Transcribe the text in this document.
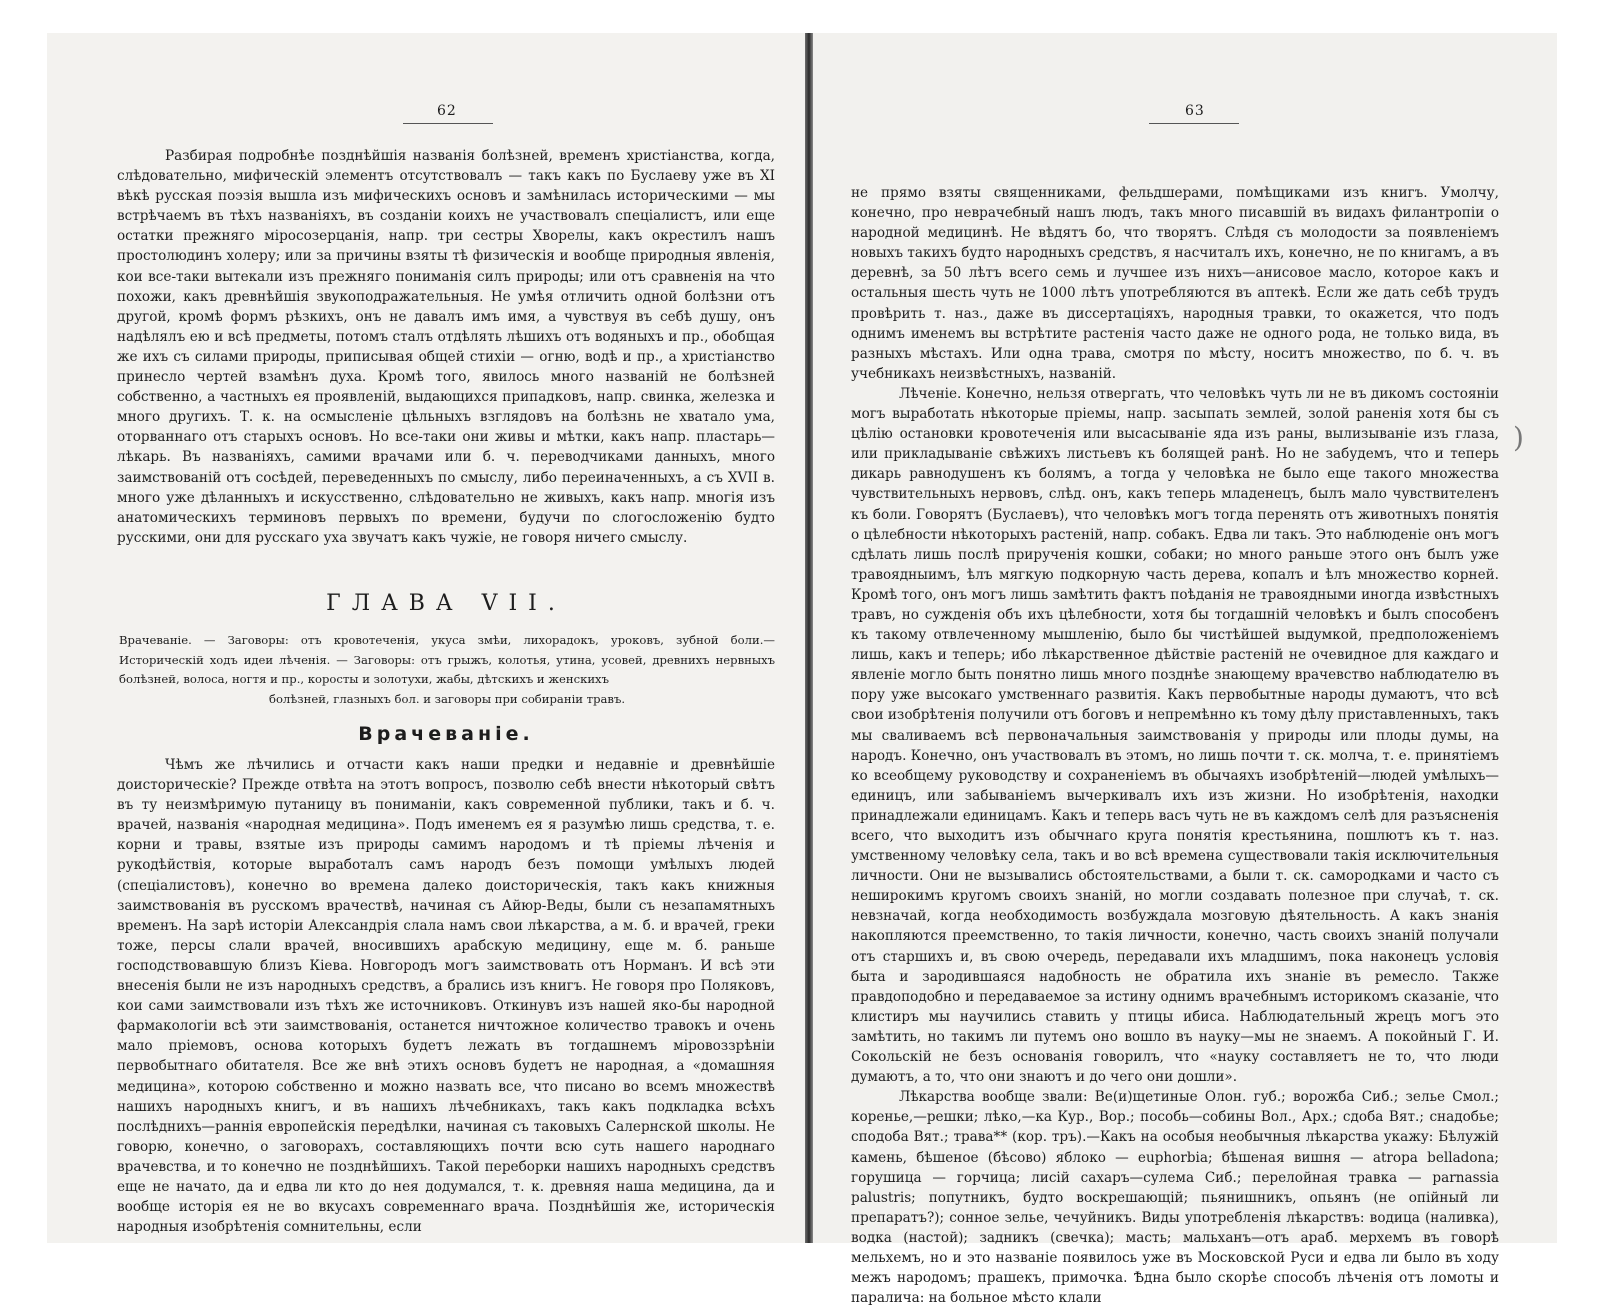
62

Разбирая подробнѣе позднѣйшія названія болѣзней, временъ христіанства, когда, слѣдовательно, мифическій элементъ отсутствовалъ — такъ какъ по Буслаеву уже въ XI вѣкѣ русская поэзія вышла изъ мифическихъ основъ и замѣнилась историческими — мы встрѣчаемъ въ тѣхъ названіяхъ, въ созданіи коихъ не участвовалъ спеціалистъ, или еще остатки прежняго міросозерцанія, напр. три сестры Хворелы, какъ окрестилъ нашъ простолюдинъ холеру; или за причины взяты тѣ физическія и вообще природныя явленія, кои все-таки вытекали изъ прежняго пониманія силъ природы; или отъ сравненія на что похожи, какъ древнѣйшія звукоподражательныя. Не умѣя отличить одной болѣзни отъ другой, кромѣ формъ рѣзкихъ, онъ не давалъ имъ имя, а чувствуя въ себѣ душу, онъ надѣлялъ ею и всѣ предметы, потомъ сталъ отдѣлять лѣшихъ отъ водяныхъ и пр., обобщая же ихъ съ силами природы, приписывая общей стихіи — огню, водѣ и пр., а христіанство принесло чертей взамѣнъ духа. Кромѣ того, явилось много названій не болѣзней собственно, а частныхъ ея проявленій, выдающихся припадковъ, напр. свинка, железка и много другихъ. Т. к. на осмысленіе цѣльныхъ взглядовъ на болѣзнь не хватало ума, оторваннаго отъ старыхъ основъ. Но все-таки они живы и мѣтки, какъ напр. пластарь—лѣкарь. Въ названіяхъ, самими врачами или б. ч. переводчиками данныхъ, много заимствованій отъ сосѣдей, переведенныхъ по смыслу, либо переиначенныхъ, а съ XVII в. много уже дѣланныхъ и искусственно, слѣдовательно не живыхъ, какъ напр. многія изъ анатомическихъ терминовъ первыхъ по времени, будучи по слогосложенію будто русскими, они для русскаго уха звучатъ какъ чужіе, не говоря ничего смыслу.

ГЛАВА VII.
Врачеваніе. — Заговоры: отъ кровотеченія, укуса змѣи, лихорадокъ, уроковъ, зубной боли.— Историческій ходъ идеи лѣченія. — Заговоры: отъ грыжъ, колотья, утина, усовей, древнихъ нервныхъ болѣзней, волоса, ногтя и пр., короcты и золотухи, жабы, дѣтскихъ и женскихъ
болѣзней, глазныхъ бол. и заговоры при собираніи травъ.
Врачеваніе.

Чѣмъ же лѣчились и отчасти какъ наши предки и недавніе и древнѣйшіе доисторическіе? Прежде отвѣта на этотъ вопросъ, позволю себѣ внести нѣкоторый свѣтъ въ ту неизмѣримую путаницу въ пониманіи, какъ современной публики, такъ и б. ч. врачей, названія «народная медицина». Подъ именемъ ея я разумѣю лишь средства, т. е. корни и травы, взятые изъ природы самимъ народомъ и тѣ пріемы лѣченія и рукодѣйствія, которые выработалъ самъ народъ безъ помощи умѣлыхъ людей (спеціалистовъ), конечно во времена далеко доисторическія, такъ какъ книжныя заимствованія въ русскомъ врачествѣ, начиная съ Айюр-Веды, были съ незапамятныхъ временъ. На зарѣ исторіи Александрія слала намъ свои лѣкарства, а м. б. и врачей, греки тоже, персы слали врачей, вносившихъ арабскую медицину, еще м. б. раньше господствовавшую близъ Кіева. Новгородъ могъ заимствовать отъ Норманъ. И всѣ эти внесенія были не изъ народныхъ средствъ, а брались изъ книгъ. Не говоря про Поляковъ, кои сами заимствовали изъ тѣхъ же источниковъ. Откинувъ изъ нашей яко-бы народной фармакологіи всѣ эти заимствованія, останется ничтожное количество травокъ и очень мало пріемовъ, основа которыхъ будетъ лежать въ тогдашнемъ міровоззрѣніи первобытнаго обитателя. Все же внѣ этихъ основъ будетъ не народная, а «домашняя медицина», которою собственно и можно назвать все, что писано во всемъ множествѣ нашихъ народныхъ книгъ, и въ нашихъ лѣчебникахъ, такъ какъ подкладка всѣхъ послѣднихъ—раннія европейскія передѣлки, начиная съ таковыхъ Салернской школы. Не говорю, конечно, о заговорахъ, составляющихъ почти всю суть нашего народнаго врачевства, и то конечно не позднѣйшихъ. Такой переборки нашихъ народныхъ средствъ еще не начато, да и едва ли кто до нея додумался, т. к. древняя наша медицина, да и вообще исторія ея не во вкусахъ современнаго врача. Позднѣйшія же, историческія народныя изобрѣтенія сомнительны, если

63
)

не прямо взяты священниками, фельдшерами, помѣщиками изъ книгъ. Умолчу, конечно, про невpачебный нашъ людъ, такъ много писавшій въ видахъ филантропіи о народной медицинѣ. Не вѣдятъ бо, что творятъ. Слѣдя съ молодости за появленіемъ новыхъ такихъ будто народныхъ средствъ, я насчиталъ ихъ, конечно, не по книгамъ, а въ деревнѣ, за 50 лѣтъ всего семь и лучшее изъ нихъ—анисовое масло, которое какъ и остальныя шесть чуть не 1000 лѣтъ употребляются въ аптекѣ. Если же дать себѣ трудъ провѣрить т. наз., даже въ диссертаціяхъ, народныя травки, то окажется, что подъ однимъ именемъ вы встрѣтите растенія часто даже не одного рода, не только вида, въ разныхъ мѣстахъ. Или одна трава, смотря по мѣсту, носитъ множество, по б. ч. въ учебникахъ неизвѣстныхъ, названій.

Лѣченіе. Конечно, нельзя отвергать, что человѣкъ чуть ли не въ дикомъ состояніи могъ выработать нѣкоторые пріемы, напр. засыпать землей, золой раненія хотя бы съ цѣлію остановки кровотеченія или высасываніе яда изъ раны, вылизываніе изъ глаза, или прикладываніе свѣжихъ листьевъ къ болящей ранѣ. Но не забудемъ, что и теперь дикарь равнодушенъ къ болямъ, а тогда у человѣка не было еще такого множества чувствительныхъ нервовъ, слѣд. онъ, какъ теперь младенецъ, былъ мало чувствителенъ къ боли. Говорятъ (Буслаевъ), что человѣкъ могъ тогда перенять отъ животныхъ понятія о цѣлебности нѣкоторыхъ растеній, напр. собакъ. Едва ли такъ. Это наблюденіе онъ могъ сдѣлать лишь послѣ прирученія кошки, собаки; но много раньше этого онъ былъ уже травоядныимъ, ѣлъ мягкую подкорную часть дерева, копалъ и ѣлъ множество корней. Кромѣ того, онъ могъ лишь замѣтить фактъ поѣданія не травоядными иногда извѣстныхъ травъ, но сужденія объ ихъ цѣлебности, хотя бы тогдашній человѣкъ и былъ способенъ къ такому отвлеченному мышленію, было бы чистѣйшей выдумкой, предположеніемъ лишь, какъ и теперь; ибо лѣкарственное дѣйствіе растеній не очевидное для каждаго и явленіе могло быть понятно лишь много позднѣе знающему врачевство наблюдателю въ пору уже высокаго умственнаго развитія. Какъ первобытные народы думаютъ, что всѣ свои изобрѣтенія получили отъ боговъ и непремѣнно къ тому дѣлу приставленныхъ, такъ мы свaливаемъ всѣ первоначальныя заимствованія у природы или плоды думы, на народъ. Конечно, онъ участвовалъ въ этомъ, но лишь почти т. ск. молча, т. е. принятіемъ ко всеобщему руководству и сохраненіемъ въ обычаяхъ изобрѣтеній—людей умѣлыхъ—единицъ, или забываніемъ вычеркивалъ ихъ изъ жизни. Но изобрѣтенія, находки принадлежали единицамъ. Какъ и теперь васъ чуть не въ каждомъ селѣ для разъясненія всего, что выходитъ изъ обычнаго круга понятія крестьянина, пошлютъ къ т. наз. умственному человѣку села, такъ и во всѣ времена существовали такія исключительныя личности. Они не вызывались обстоятельствами, а были т. ск. самородками и часто съ неширокимъ кругомъ своихъ знаній, но могли создавать полезное при случаѣ, т. ск. невзначай, когда необходимость возбуждала мозговую дѣятельность. А какъ знанія накопляются преемственно, то такія личности, конечно, часть своихъ знаній получали отъ старшихъ и, въ свою очередь, передавали ихъ младшимъ, пока наконецъ условія быта и зародившаяся надобность не обратила ихъ знаніе въ ремесло. Также правдоподобно и передаваемое за истину однимъ врачебнымъ историкомъ сказаніе, что клистиръ мы научились ставить у птицы ибиса. Наблюдательный жрецъ могъ это замѣтить, но такимъ ли путемъ оно вошло въ науку—мы не знаемъ. А покойный Г. И. Сокольскій не безъ основанія говорилъ, что «науку составляетъ не то, что люди думаютъ, а то, что они знаютъ и до чего они дошли».

Лѣкарства вообще звали: Ве(и)щетиные Олон. губ.; ворожба Сиб.; зелье Смол.; коренье,—решки; лѣко,—ка Кур., Вор.; пособь—собины Вол., Арх.; сдоба Вят.; снадобье; сподоба Вят.; трава** (кор. тръ).—Какъ на особыя необычныя лѣкарства укажу: Бѣлужій камень, бѣшеное (бѣсово) яблоко — euphorbia; бѣшеная вишня — atropa belladona; горушица — горчица; лисій сахаръ—сулема Сиб.; перелойная травка — parnassia palustris; попутникъ, будто воскрешающій; пьянишникъ, опьянъ (не опійный ли препаратъ?); сонное зелье, чечуйникъ. Виды употребленія лѣкарствъ: водица (наливка), водка (настой); задникъ (свечка); масть; мальханъ—отъ араб. мерхемъ въ говорѣ мельхемъ, но и это названіе появилось уже въ Московской Руси и едва ли было въ ходу межъ народомъ; прашекъ, примочка. Ѣдна было скорѣе способъ лѣченія отъ ломоты и паралича: на больное мѣсто клали
